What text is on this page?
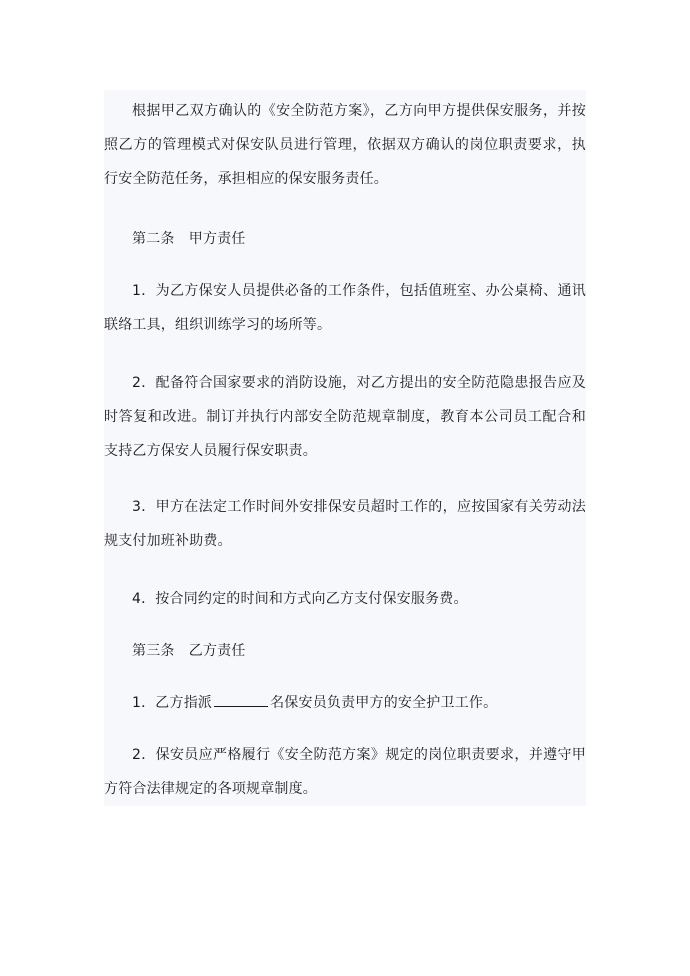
根据甲乙双方确认的《安全防范方案》，乙方向甲方提供保安服务，并按照乙方的管理模式对保安队员进行管理，依据双方确认的岗位职责要求，执行安全防范任务，承担相应的保安服务责任。

第二条　甲方责任

1．为乙方保安人员提供必备的工作条件，包括值班室、办公桌椅、通讯联络工具，组织训练学习的场所等。

2．配备符合国家要求的消防设施，对乙方提出的安全防范隐患报告应及时答复和改进。制订并执行内部安全防范规章制度，教育本公司员工配合和支持乙方保安人员履行保安职责。

3．甲方在法定工作时间外安排保安员超时工作的，应按国家有关劳动法规支付加班补助费。

4．按合同约定的时间和方式向乙方支付保安服务费。

第三条　乙方责任

1．乙方指派	名保安员负责甲方的安全护卫工作。

2．保安员应严格履行《安全防范方案》规定的岗位职责要求，并遵守甲方符合法律规定的各项规章制度。
